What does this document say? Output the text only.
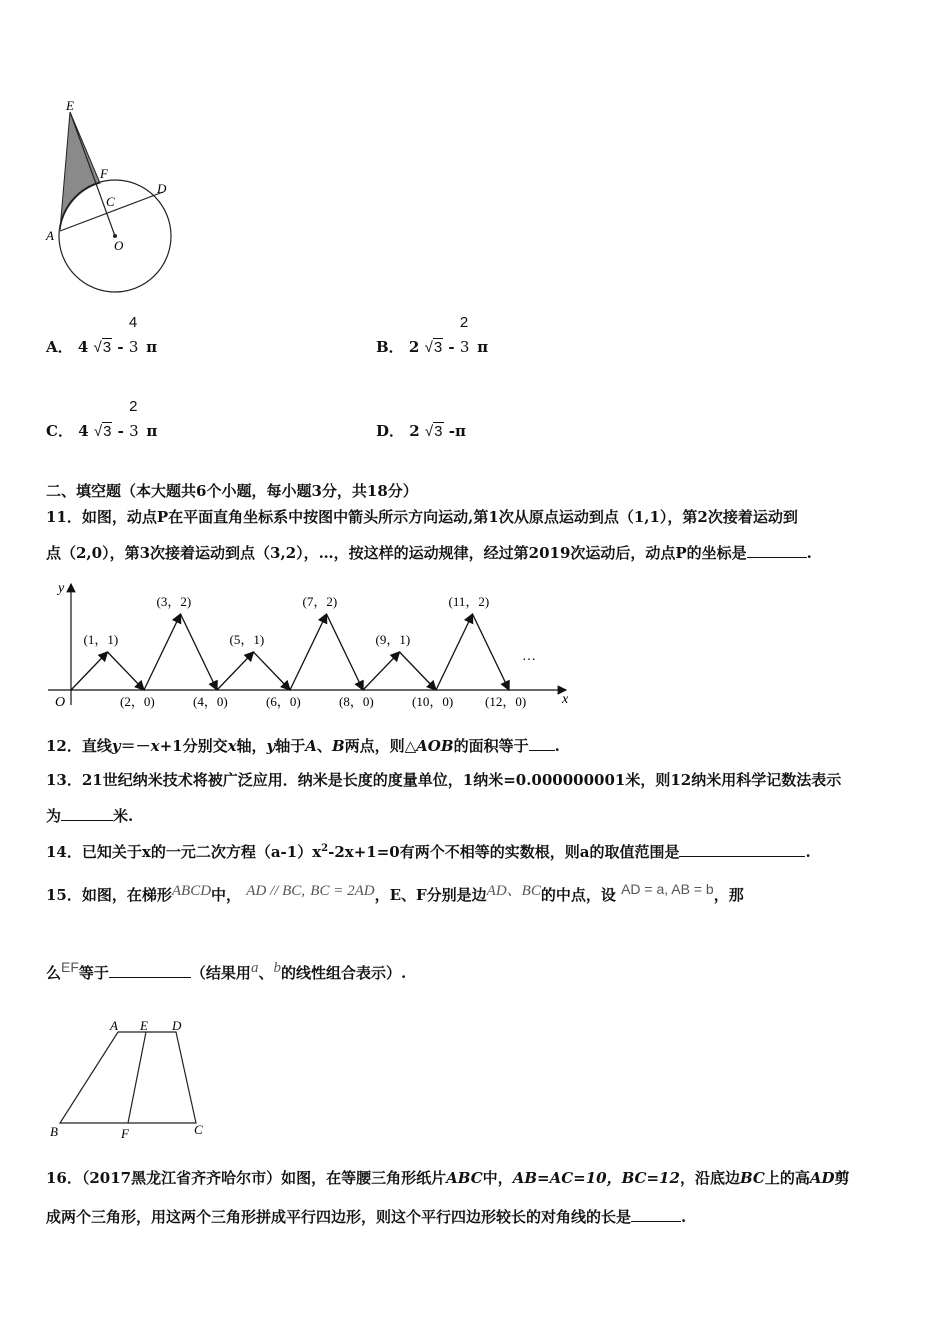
E
F
C
D
A
O
A． 4 √3 -
4
3 π	B． 2 √3 -
2
3 π
C． 4 √3 -
2
3 π	D． 2 √3 -π
二、填空题（本大题共6个小题，每小题3分，共18分）
11．如图，动点P在平面直角坐标系中按图中箭头所示方向运动,第1次从原点运动到点（1,1），第2次接着运动到
点（2,0），第3次接着运动到点（3,2），…，按这样的运动规律，经过第2019次运动后，动点P的坐标是	.
y
x
O
…
(1，1)
(3，2)
(5，1)
(7，2)
(9，1)
(11，2)
(2，0)	(4，0)	(6，0)	(8，0)	(10，0) (12，0)
12．直线y＝－x+1分别交x轴，y轴于A、B两点，则△AOB的面积等于 .
13．21世纪纳米技术将被广泛应用．纳米是长度的度量单位，1纳米=0.000000001米，则12纳米用科学记数法表示
为	米.
14．已知关于x的一元二次方程$(a-1)x^2-2x+1=0$有两个不相等的实数根，则a的取值范围是	.
15．如图，在梯形ABCD中， AD // BC, BC = 2AD，E、F分别是边AD、BC的中点，设 AD = a, AB = b，那
么EF等于	（结果用a、b的线性组合表示）.
A E D
B	F	C
16．（2017黑龙江省齐齐哈尔市）如图，在等腰三角形纸片ABC中，AB=AC=10，BC=12，沿底边BC上的高AD剪
成两个三角形，用这两个三角形拼成平行四边形，则这个平行四边形较长的对角线的长是	.
